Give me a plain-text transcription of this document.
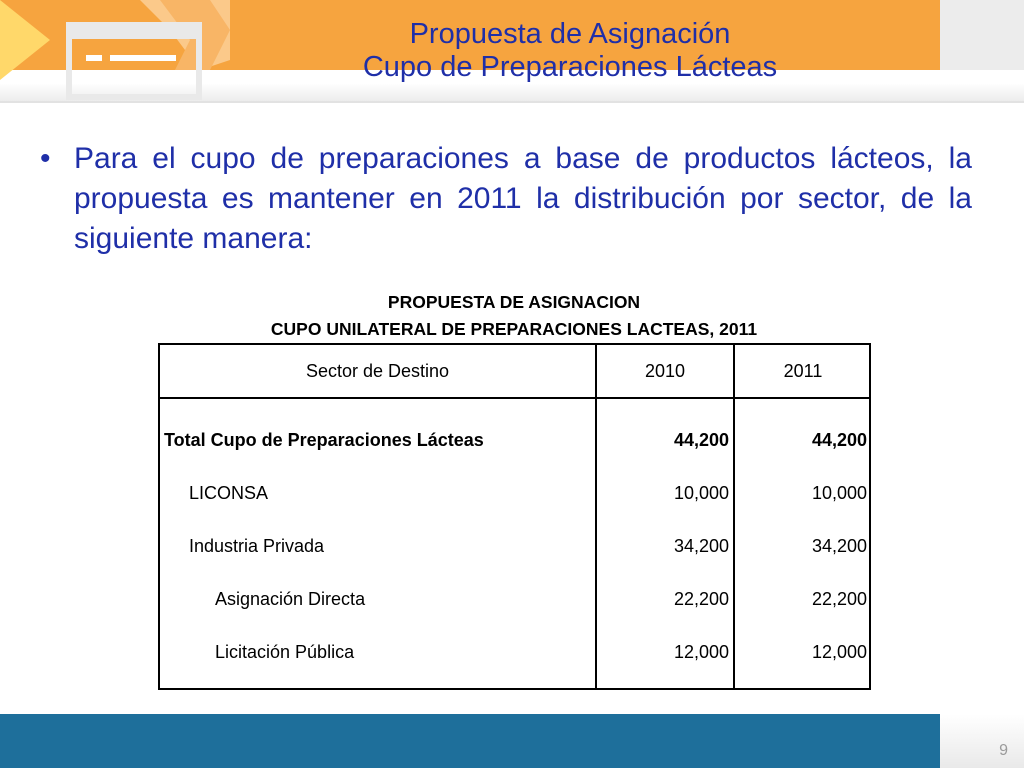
Propuesta de Asignación
Cupo de Preparaciones Lácteas
• Para el cupo de preparaciones a base de productos lácteos, la propuesta es mantener en 2011 la distribución por sector, de la siguiente manera:
PROPUESTA DE ASIGNACION
CUPO UNILATERAL DE PREPARACIONES LACTEAS, 2011
Sector de Destino	2010	2011
Total Cupo de Preparaciones Lácteas	44,200	44,200
LICONSA	10,000	10,000
Industria Privada	34,200	34,200
Asignación Directa	22,200	22,200
Licitación Pública	12,000	12,000
9
